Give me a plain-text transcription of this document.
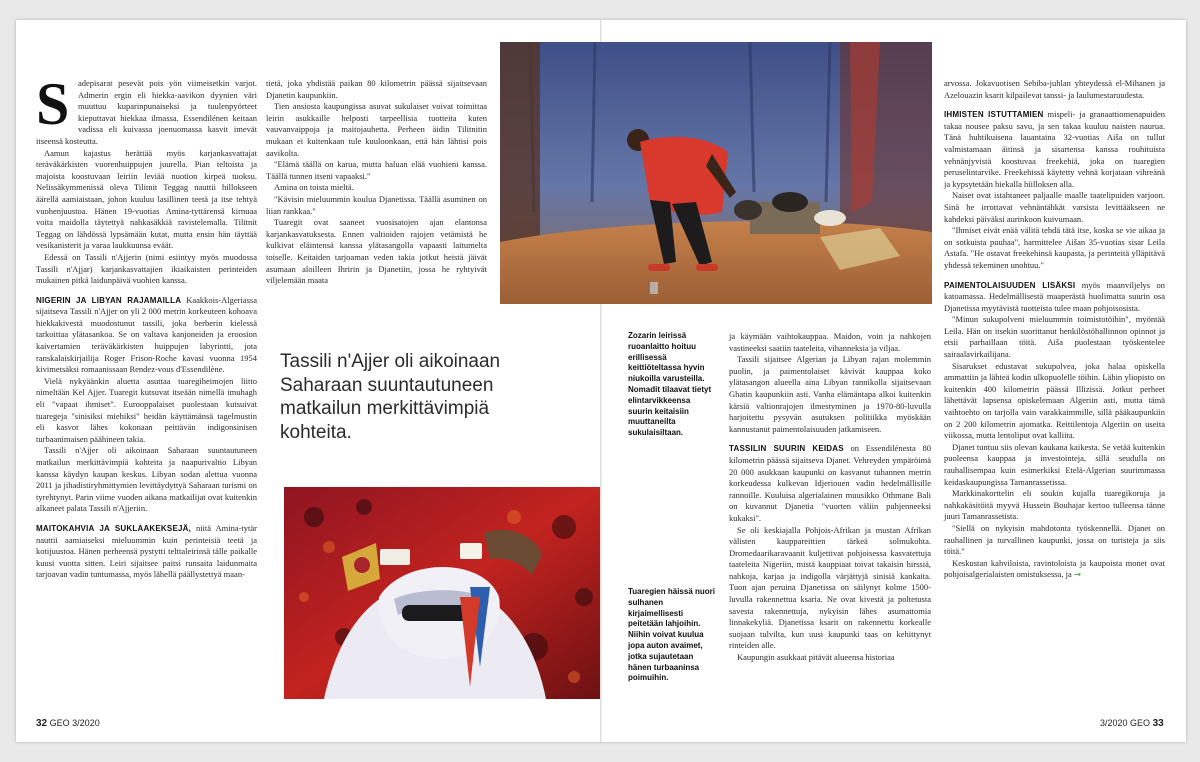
S	adepisarat pesevät pois yön viimeisetkin varjot. Admerin ergin eli hiekka-aavikon dyynien väri muuttuu kuparinpunaiseksi ja tuulenpyörteet kieputtavat hiekkaa ilmassa. Essendilénen keitaan vadissa eli kuivassa joenuomassa kasvit imevät itseensä kosteutta.

Aamun kajastus herättää myös karjankasvattajat teräväkärkisten vuorenhuippujen juurella. Pian teltoista ja majoista koostuvaan leiriin leviää nuotion kirpeä tuoksu. Nelissäkymmenissä oleva Tilitnit Teggag nauttii hillokseen äärellä aamiaistaan, johon kuuluu lasillinen teetä ja itse tehtyä vuohenjuustoa. Hänen 19-vuotias Amina-tyttärensä kirnuaa voita maidolla täytettyä nahkasäkkiä ravistelemalla. Tilitnit Teggag on lähdössä lypsämään kutat, mutta ensin hän täyttää vesikanisterit ja varaa laukkuunsa eväät.

Edessä on Tassili n'Ajjerin (nimi esiintyy myös muodossa Tassili n'Ajjar) karjankasvattajien ikiaikaisten perinteiden mukainen pitkä laidunpäivä vuohien kanssa.

NIGERIN JA LIBYAN RAJAMAILLA Kaakkois-Algeriassa sijaitseva Tassili n'Ajjer on yli 2 000 metrin korkeuteen kohoava hiekkakivestä muodostunut tassili, joka berberin kielessä tarkoittaa ylätasankoa. Se on valtava kanjoneiden ja eroosion kaivertamien teräväkärkisten huippujen labyrintti, jota ranskalaiskirjailija Roger Frison-Roche kavasi vuonna 1954 kivimetsäksi romaanissaan Rendez-vous d'Essendilène.

Vielä nykyäänkin aluetta asuttaa tuaregiheimojen liitto nimeltään Kel Ajjer. Tuaregit kutsuvat itseään nimellä imuhagh eli "vapaat ihmiset". Eurooppalaiset puolestaan kutsuivat tuaregeja "sinisiksi miehiksi" heidän käyttämänsä tagelmustin eli kasvot lähes kokonaan peittävän indigonsinisen turbaanimaisen päähineen takia.

Tassili n'Ajjer oli aikoinaan Saharaan suuntautuneen matkailun merkittävimpiä kohteita ja naapurivaltio Libyan kanssa käydyn kaupan keskus. Libyan sodan alettua vuonna 2011 ja jihadistiryhmittymien levittäydyttyä Saharaan turismi on tyrehtynyt. Parin viime vuoden aikana matkailijat ovat kuitenkin alkaneet palata Tassili n'Ajjeriin.

MAITOKAHVIA JA SUKLAAKEKSEJÄ, niitä Amina-tytär nauttii aamiaiseksi mieluummin kuin perinteisiä teetä ja kotijuustoa. Hänen perheensä pystytti telttaleirinsä tälle paikalle kuusi vuotta sitten. Leiri sijaitsee paitsi runsaita laidunmaita tarjoavan vadin tuntumassa, myös lähellä päällystettyä maan-

tietä, joka yhdistää paikan 80 kilometrin päässä sijaitsevaan Djanetin kaupunkiin.

Tien ansiosta kaupungissa asuvat sukulaiset voivat toimittaa leirin asukkaille helposti tarpeellisia tuotteita kuten vauvanvaippoja ja maitojauhetta. Perheen äidin Tilitnitin mukaan ei kuitenkaan tule kuuloonkaan, että hän lähtisi pois aavikolta.

"Elämä täällä on karua, mutta haluan elää vuohieni kanssa. Täällä tunnen itseni vapaaksi."

Amina on toista mieltä.

"Kävisin mieluummin koulua Djanetissa. Täällä asuminen on liian rankkaa."

Tuaregit ovat saaneet vuosisatojen ajan elantonsa karjankasvatuksesta. Ennen valtioiden rajojen vetämistä he kulkivat eläintensä kanssa ylätasangolla vapaasti laitumelta toiselle. Keitaiden tarjoaman veden takia jotkut heistä jäivät asumaan aloilleen Ihririn ja Djanetiin, jossa he ryhtyivät viljelemään maata

Tassili n'Ajjer oli aikoinaan Saharaan suuntautuneen matkailun merkittävimpiä kohteita.
Tuaregien häissä nuori sulhanen kirjaimellisesti peitetään lahjoihin. Niihin voivat kuulua jopa auton avaimet, jotka sujautetaan hänen turbaaninsa poimuihin.
Zozarin leirissä ruoanlaitto hoituu erillisessä keittiöteltassa hyvin niukoilla varusteilla. Nomadit tilaavat tietyt elintarvikkeensa suurin keitaisiin muuttaneilta sukulaisiltaan.

ja käymään vaihtokauppaa. Maidon, voin ja nahkojen vastineeksi saatiin taateleita, vihanneksia ja viljaa.

Tassili sijaitsee Algerian ja Libyan rajan molemmin puolin, ja paimentolaiset kävivät kauppaa koko ylätasangon alueella aina Libyan rannikolla sijaitsevaan Ghatin kaupunkiin asti. Vanha elämäntapa alkoi kuitenkin kärsiä valtionrajojen ilmestyminen ja 1970-80-luvulla harjoitettu pysyvän asutuksen politiikka myöskään kannustanut paimentolaisuuden jatkamiseen.

TASSILIN SUURIN KEIDAS on Essendilénesta 80 kilometrin päässä sijaitseva Djanet. Vehreyden ympäröimä 20 000 asukkaan kaupunki on kasvanut tuhannen metrin korkeudessa kulkevan Idjeriouen vadin hedelmällisille rannoille. Kuuluisa algerialainen muusikko Othmane Bali on kuvannut Djanetia "vuorten väliin puhjenneeksi kukaksi".

Se oli keskiajalla Pohjois-Afrikan ja mustan Afrikan välisten kauppareittien tärkeä solmukohta. Dromedaarikaravaanit kuljettivat pohjoisessa kasvatettuja taateleita Nigeriin, mistä kauppiaat toivat takaisin hirssiä, nahkoja, karjaa ja indigolla värjättyjä sinisiä kankaita. Tuon ajan peruina Djanetissa on säilynyt kolme 1500-luvulla rakennettua ksaria. Ne ovat kivestä ja poltetusta savesta rakennettuja, nykyisin lähes asumattomia linnakekyliä. Djanetissa ksarit on rakennettu korkealle suojaan tulvilta, kun uusi kaupunki taas on kehittynyt rinteiden alle.

Kaupungin asukkaat pitävät alueensa historiaa

arvossa. Jokavuotisen Sebiba-juhlan yhteydessä el-Mihanen ja Azelouazin ksarit kilpailevat tanssi- ja laulumestaruudesta.

IHMISTEN ISTUTTAMIEN mispeli- ja granaattiomenapuiden takaa nousee paksu savu, ja sen takaa kuuluu naisten naurua. Tänä huhtikuisena lauantaina 32-vuotias Aiša on tullut valmistamaan äitinsä ja sisartensa kanssa rouhituista vehnänjyvistä koostuvaa freekehiä, joka on tuaregien peruselintarvike. Freekehissä käytetty vehnä korjataan vihreänä ja kypsytetään hiekalla hiilloksen alla.

Naiset ovat istahtaneet paljaalle maalle taatelipuiden varjoon. Sinä he irrottavat vehnäntähkät varsista levittääkseen ne kahdeksi päiväksi aurinkoon kuivumaan.

"Ihmiset eivät enää välitä tehdä tätä itse, koska se vie aikaa ja on sotkuista puuhaa", harmittelee Aišan 35-vuotias sisar Leila Astafa. "He ostavat freekehinsä kaupasta, ja perinteitä ylläpitävä yhdessä tekeminen unohtuu."

PAIMENTOLAISUUDEN LISÄKSI myös maanviljelys on katoamassa. Hedelmällisestä maaperästä huolimatta suurin osa Djanetissa myytävistä tuotteista tulee maan pohjoisosista.

"Minun sukupolveni mieluummin toimistotöihin", myöntää Leila. Hän on itsekin suorittanut henkilöstöhallinnon opinnot ja etsii parhaillaan töitä. Aiša puolestaan työskentelee sairaalavirkailijana.

Sisarukset edustavat sukupolvea, joka halaa opiskella ammattiin ja lähteä kodin ulkopuolelle töihin. Lähin yliopisto on kuitenkin 400 kilometrin päässä Illizissä. Jotkut perheet lähettävät lapsensa opiskelemaan Algeriin asti, mutta tämä vaihtoehto on tarjolla vain varakkaimmille, sillä pääkaupunkiin on 2 200 kilometrin ajomatka. Reittilentoja Algeriin on useita viikossa, mutta lentoliput ovat kalliita.

Djanet tuntuu siis olevan kaukana kaikesta. Se vetää kuitenkin puoleensa kauppaa ja investointeja, sillä seudulla on rauhallisempaa kuin esimerkiksi Etelä-Algerian suurimmassa keidaskaupungissa Tamanrassetissa.

Markkinakorttelin eli soukin kujalla tuaregikoruja ja nahkakäsitöitä myyvä Hussein Bouhajar kertoo tulleensa tänne juuri Tamanrassetista.

"Siellä on nykyisin mahdotonta työskennellä. Djanet on rauhallinen ja turvallinen kaupunki, jossa on turisteja ja siis töitä."

Keskustan kahviloista, ravintoloista ja kaupoista monet ovat pohjoisalgerialaisten omistuksessa, ja →

32 GEO 3/2020	3/2020 GEO 33
